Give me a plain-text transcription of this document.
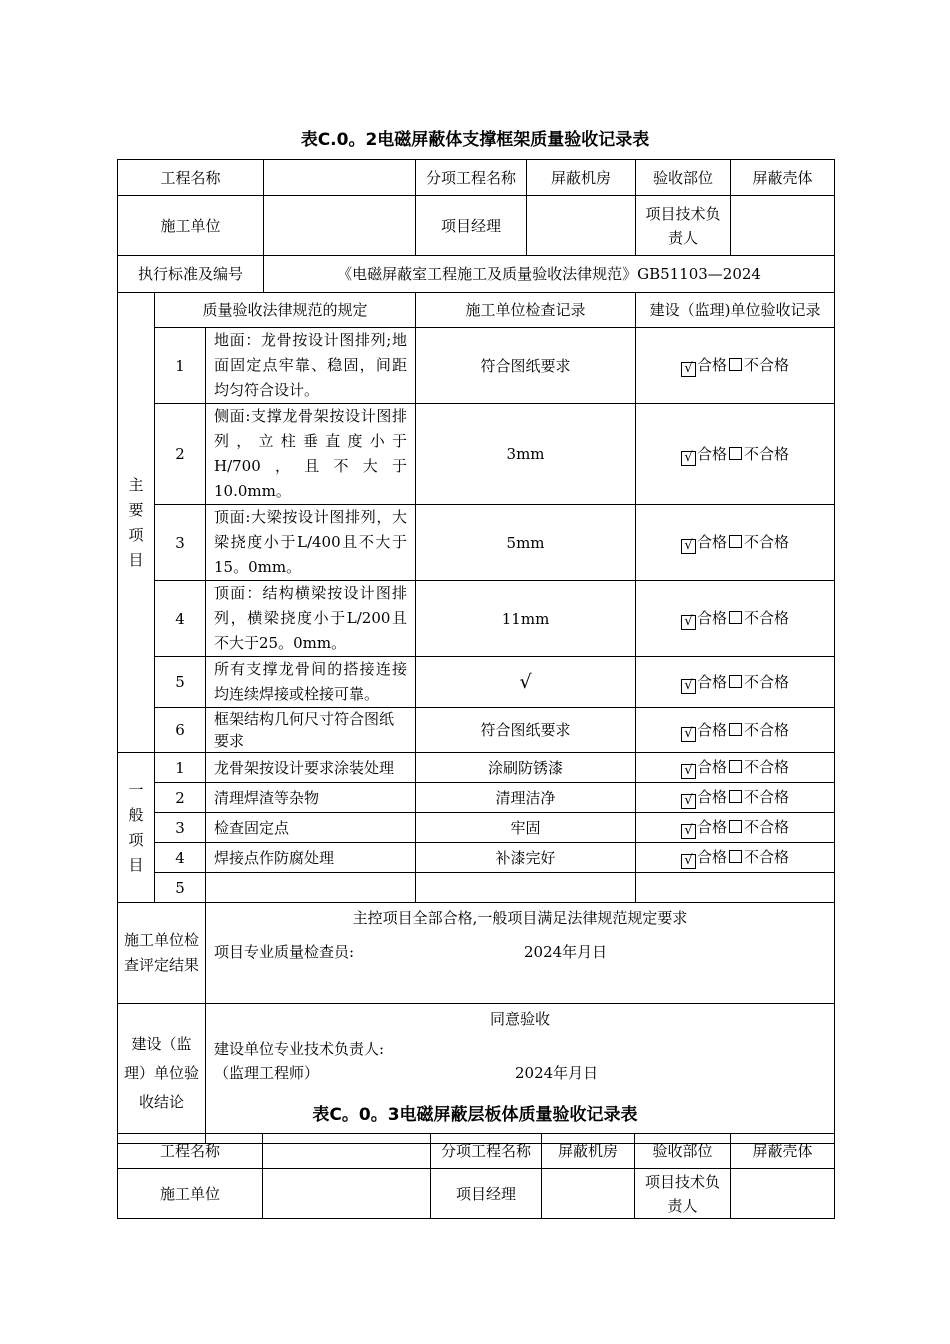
表C.0。2电磁屏蔽体支撑框架质量验收记录表
工程名称				分项工程名称	屏蔽机房	验收部位	屏蔽壳体
施工单位				项目经理		项目技术负责人	

执行标准及编号			《电磁屏蔽室工程施工及质量验收法律规范》GB51103—2024				

主要项目	质量验收法律规范的规定			施工单位检查记录		建设（监理)单位验收记录	
	1	地面：龙骨按设计图排列;地面固定点牢靠、稳固，间距均匀符合设计。		符合图纸要求		√ 合格 不合格	
	2	侧面:支撑龙骨架按设计图排列，立柱垂直度小于H/700，且不大于10.0mm。		3mm		√ 合格 不合格	
	3	顶面:大梁按设计图排列，大梁挠度小于L/400且不大于15。0mm。		5mm		√ 合格 不合格	
	4	顶面：结构横梁按设计图排列，横梁挠度小于L/200且不大于25。0mm。		11mm		√ 合格 不合格	
	5	所有支撑龙骨间的搭接连接均连续焊接或栓接可靠。		√		√ 合格 不合格	
	6	框架结构几何尺寸符合图纸要求		符合图纸要求		√ 合格 不合格	

一般项目	1	龙骨架按设计要求涂装处理		涂刷防锈漆		√ 合格 不合格	
	2	清理焊渣等杂物		清理洁净		√ 合格 不合格	
	3	检查固定点		牢固		√ 合格 不合格	
	4	焊接点作防腐处理		补漆完好		√ 合格 不合格	
	5						

施工单位检查评定结果		主控项目全部合格,一般项目满足法律规范规定要求
项目专业质量检查员: 2024年月日					

建设（监理）单位验收结论		同意验收
建设单位专业技术负责人:
（监理工程师） 2024年月日					
表C。0。3电磁屏蔽层板体质量验收记录表
工程名称		分项工程名称	屏蔽机房	验收部位	屏蔽壳体
施工单位		项目经理		项目技术负责人	
